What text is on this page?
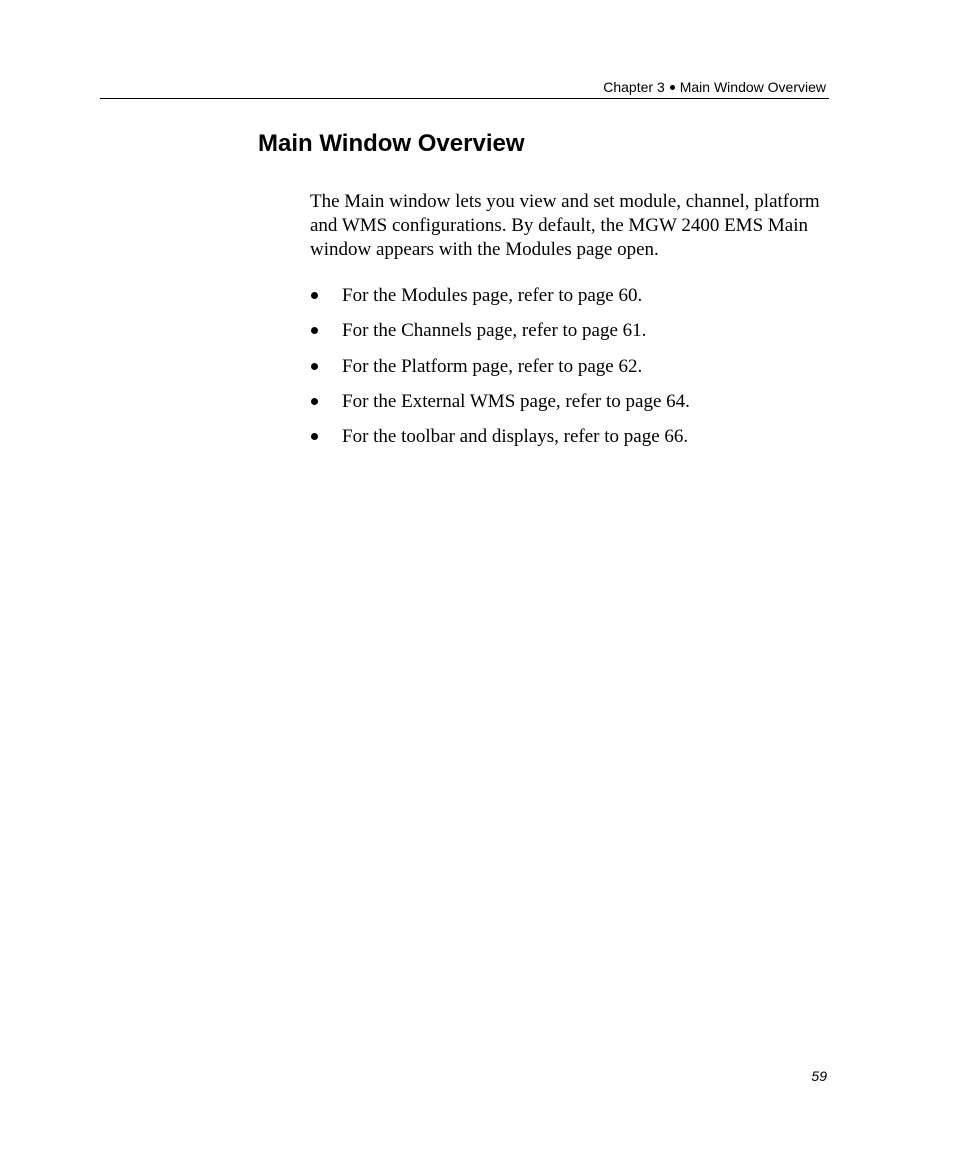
Chapter 3 Main Window Overview
Main Window Overview

The Main window lets you view and set module, channel, platform and WMS configurations. By default, the MGW 2400 EMS Main window appears with the Modules page open.

For the Modules page, refer to page 60.
For the Channels page, refer to page 61.
For the Platform page, refer to page 62.
For the External WMS page, refer to page 64.
For the toolbar and displays, refer to page 66.
59
